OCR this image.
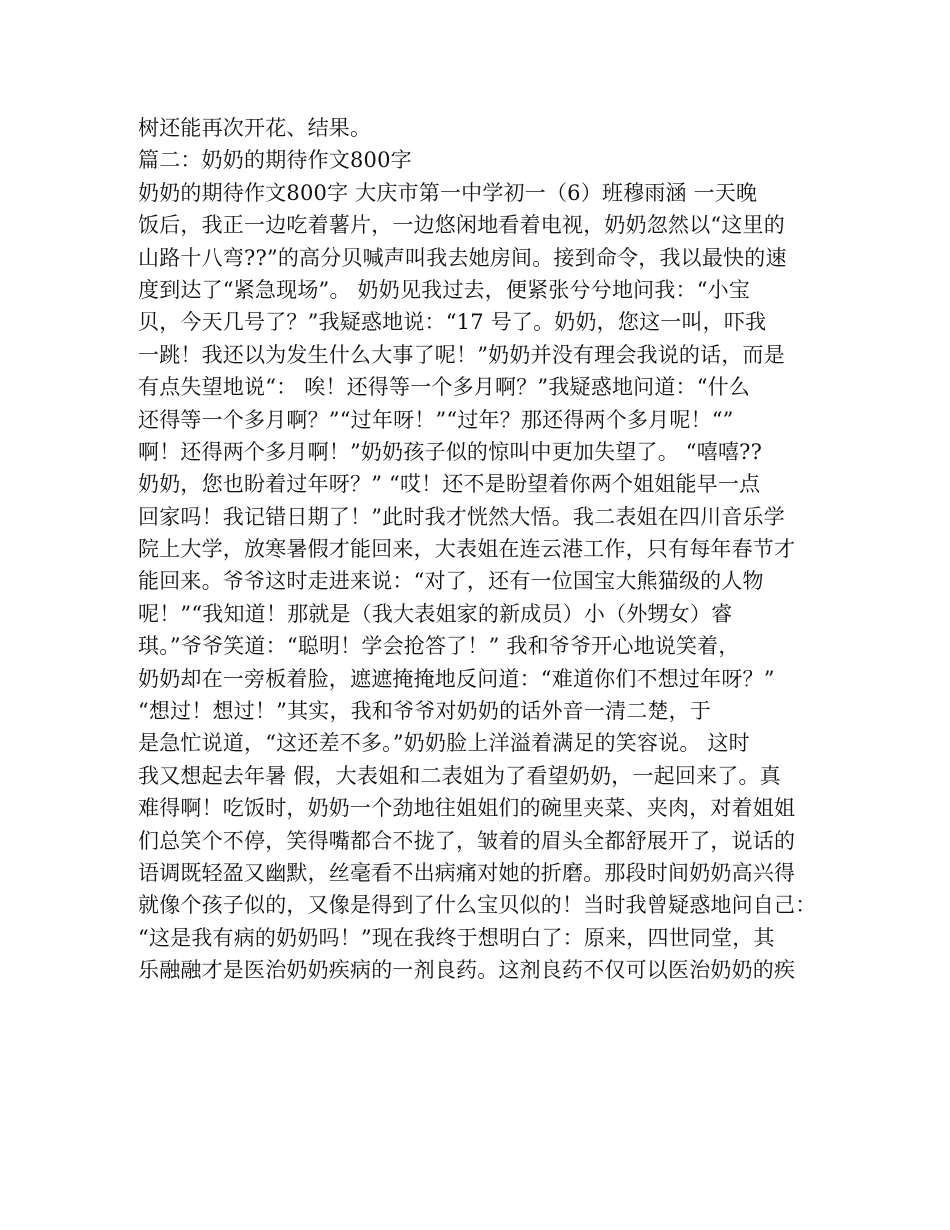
树还能再次开花、结果。
篇二：奶奶的期待作文800字
奶奶的期待作文800字 大庆市第一中学初一（6）班穆雨涵 一天晚
饭后，我正一边吃着薯片，一边悠闲地看着电视，奶奶忽然以“这里的
山路十八弯??”的高分贝喊声叫我去她房间。接到命令，我以最快的速
度到达了“紧急现场”。 奶奶见我过去，便紧张兮兮地问我：“小宝
贝，今天几号了？”我疑惑地说：“17 号了。奶奶，您这一叫，吓我
一跳！我还以为发生什么大事了呢！”奶奶并没有理会我说的话，而是
有点失望地说“： 唉！还得等一个多月啊？”我疑惑地问道：“什么
还得等一个多月啊？”“过年呀！”“过年？那还得两个多月呢！“”
啊！还得两个多月啊！”奶奶孩子似的惊叫中更加失望了。 “嘻嘻??
奶奶，您也盼着过年呀？” “哎！还不是盼望着你两个姐姐能早一点
回家吗！我记错日期了！”此时我才恍然大悟。我二表姐在四川音乐学
院上大学，放寒暑假才能回来，大表姐在连云港工作，只有每年春节才
能回来。爷爷这时走进来说：“对了，还有一位国宝大熊猫级的人物
呢！”“我知道！那就是（我大表姐家的新成员）小（外甥女）睿
琪。”爷爷笑道：“聪明！学会抢答了！” 我和爷爷开心地说笑着，
奶奶却在一旁板着脸，遮遮掩掩地反问道：“难道你们不想过年呀？”
“想过！想过！”其实，我和爷爷对奶奶的话外音一清二楚，于
是急忙说道，“这还差不多。”奶奶脸上洋溢着满足的笑容说。 这时
我又想起去年暑 假，大表姐和二表姐为了看望奶奶，一起回来了。真
难得啊！吃饭时，奶奶一个劲地往姐姐们的碗里夹菜、夹肉，对着姐姐
们总笑个不停，笑得嘴都合不拢了，皱着的眉头全都舒展开了，说话的
语调既轻盈又幽默，丝毫看不出病痛对她的折磨。那段时间奶奶高兴得
就像个孩子似的，又像是得到了什么宝贝似的！当时我曾疑惑地问自己：
“这是我有病的奶奶吗！”现在我终于想明白了：原来，四世同堂，其
乐融融才是医治奶奶疾病的一剂良药。这剂良药不仅可以医治奶奶的疾
